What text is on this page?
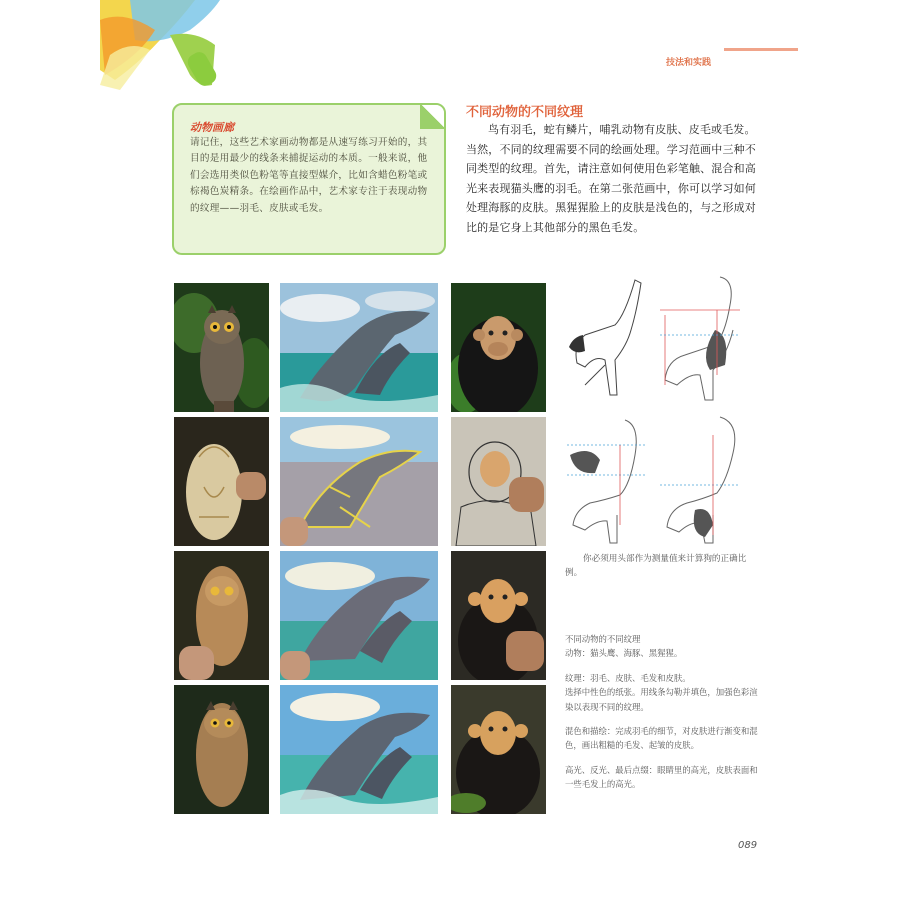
技法和实践
动物画廊
请记住，这些艺术家画动物都是从速写练习开始的，其目的是用最少的线条来捕捉运动的本质。一般来说，他们会选用类似色粉笔等直接型媒介，比如含蜡色粉笔或棕褐色炭精条。在绘画作品中，艺术家专注于表现动物的纹理——羽毛、皮肤或毛发。
不同动物的不同纹理
鸟有羽毛，蛇有鳞片，哺乳动物有皮肤、皮毛或毛发。当然，不同的纹理需要不同的绘画处理。学习范画中三种不同类型的纹理。首先，请注意如何使用色彩笔触、混合和高光来表现猫头鹰的羽毛。在第二张范画中，你可以学习如何处理海豚的皮肤。黑猩猩脸上的皮肤是浅色的，与之形成对比的是它身上其他部分的黑色毛发。
你必须用头部作为测量值来计算狗的正确比例。

不同动物的不同纹理
动物：猫头鹰、海豚、黑猩猩。

纹理：羽毛、皮肤、毛发和皮肤。
选择中性色的纸张。用线条勾勒并填色，加强色彩渲染以表现不同的纹理。

混色和描绘：完成羽毛的细节，对皮肤进行渐变和混色，画出粗糙的毛发、起皱的皮肤。

高光、反光、最后点缀：眼睛里的高光，皮肤表面和一些毛发上的高光。

089
